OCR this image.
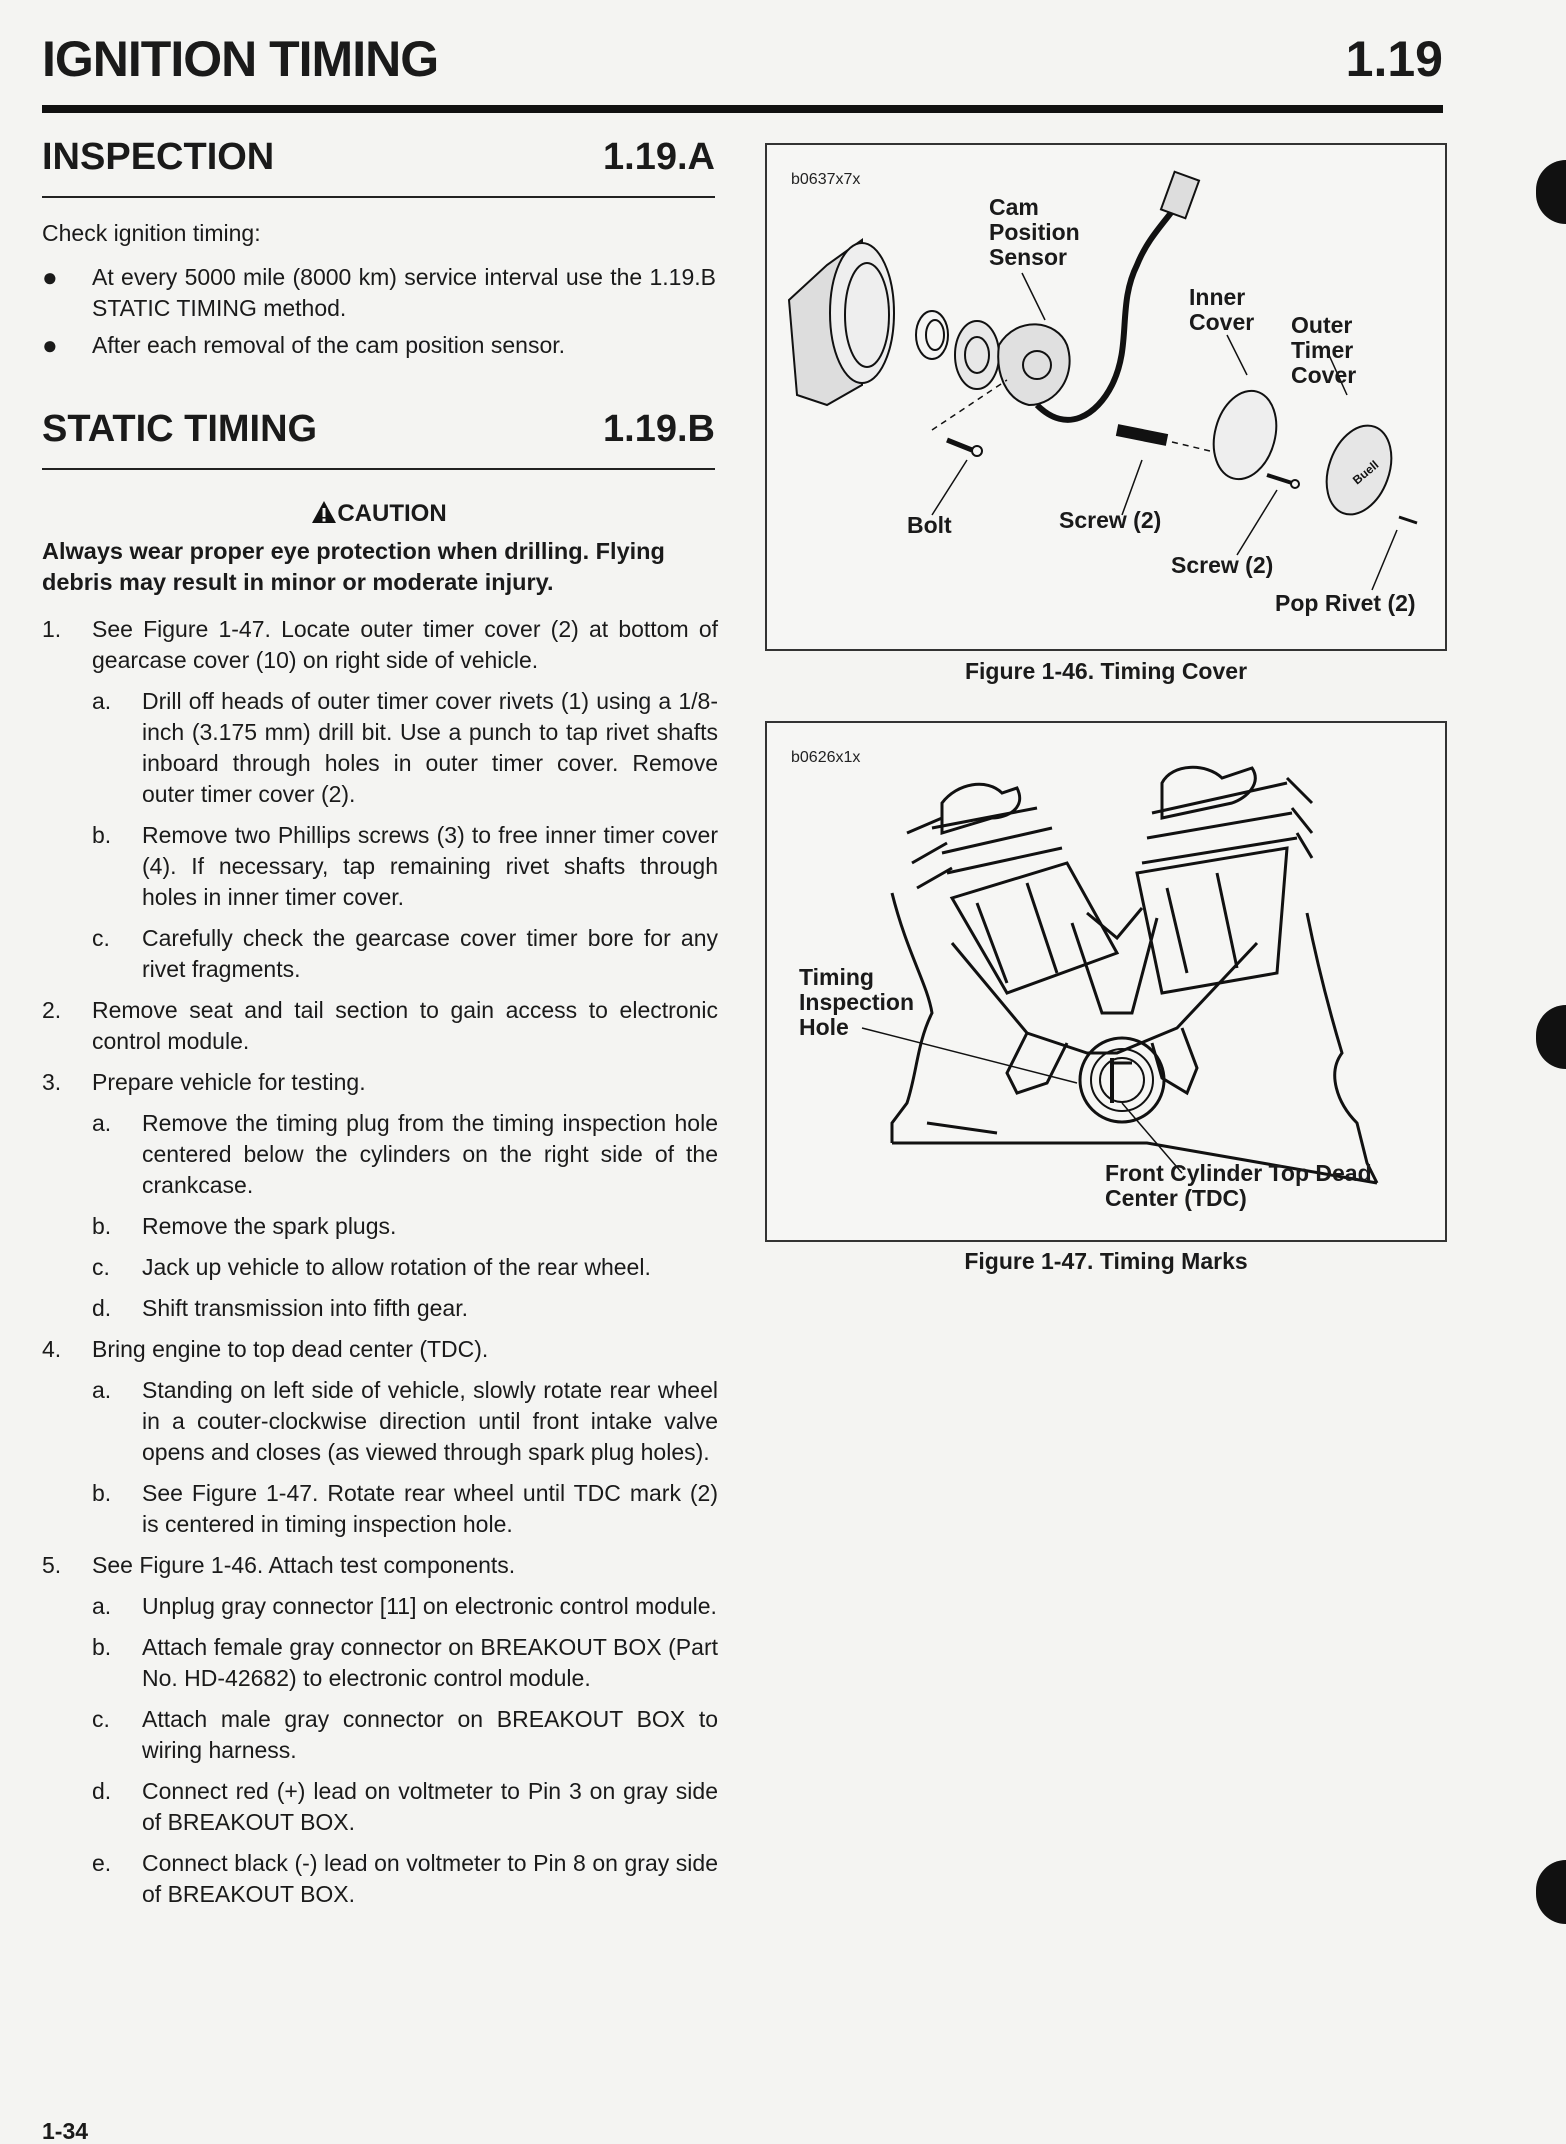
IGNITION TIMING	1.19
INSPECTION	1.19.A
Check ignition timing:
●	At every 5000 mile (8000 km) service interval use the 1.19.B STATIC TIMING method.
●	After each removal of the cam position sensor.
STATIC TIMING	1.19.B
CAUTION
Always wear proper eye protection when drilling. Flying debris may result in minor or moderate injury.
1.	See Figure 1-47. Locate outer timer cover (2) at bottom of gearcase cover (10) on right side of vehicle.
a.	Drill off heads of outer timer cover rivets (1) using a 1/8-inch (3.175 mm) drill bit. Use a punch to tap rivet shafts inboard through holes in outer timer cover. Remove outer timer cover (2).
b.	Remove two Phillips screws (3) to free inner timer cover (4). If necessary, tap remaining rivet shafts through holes in inner timer cover.
c.	Carefully check the gearcase cover timer bore for any rivet fragments.
2.	Remove seat and tail section to gain access to electronic control module.
3.	Prepare vehicle for testing.
a.	Remove the timing plug from the timing inspection hole centered below the cylinders on the right side of the crankcase.
b.	Remove the spark plugs.
c.	Jack up vehicle to allow rotation of the rear wheel.
d.	Shift transmission into fifth gear.
4.	Bring engine to top dead center (TDC).
a.	Standing on left side of vehicle, slowly rotate rear wheel in a couter-clockwise direction until front intake valve opens and closes (as viewed through spark plug holes).
b.	See Figure 1-47. Rotate rear wheel until TDC mark (2) is centered in timing inspection hole.
5.	See Figure 1-46. Attach test components.
a.	Unplug gray connector [11] on electronic control module.
b.	Attach female gray connector on BREAKOUT BOX (Part No. HD-42682) to electronic control module.
c.	Attach male gray connector on BREAKOUT BOX to wiring harness.
d.	Connect red (+) lead on voltmeter to Pin 3 on gray side of BREAKOUT BOX.
e.	Connect black (-) lead on voltmeter to Pin 8 on gray side of BREAKOUT BOX.
b0637x7x
Buell
Cam Position Sensor
Inner Cover	Outer Timer Cover
Bolt	Screw (2)
Screw (2)
Pop Rivet (2)
Figure 1-46. Timing Cover
b0626x1x
Timing Inspection Hole
Front Cylinder Top Dead Center (TDC)
Figure 1-47. Timing Marks
1-34
